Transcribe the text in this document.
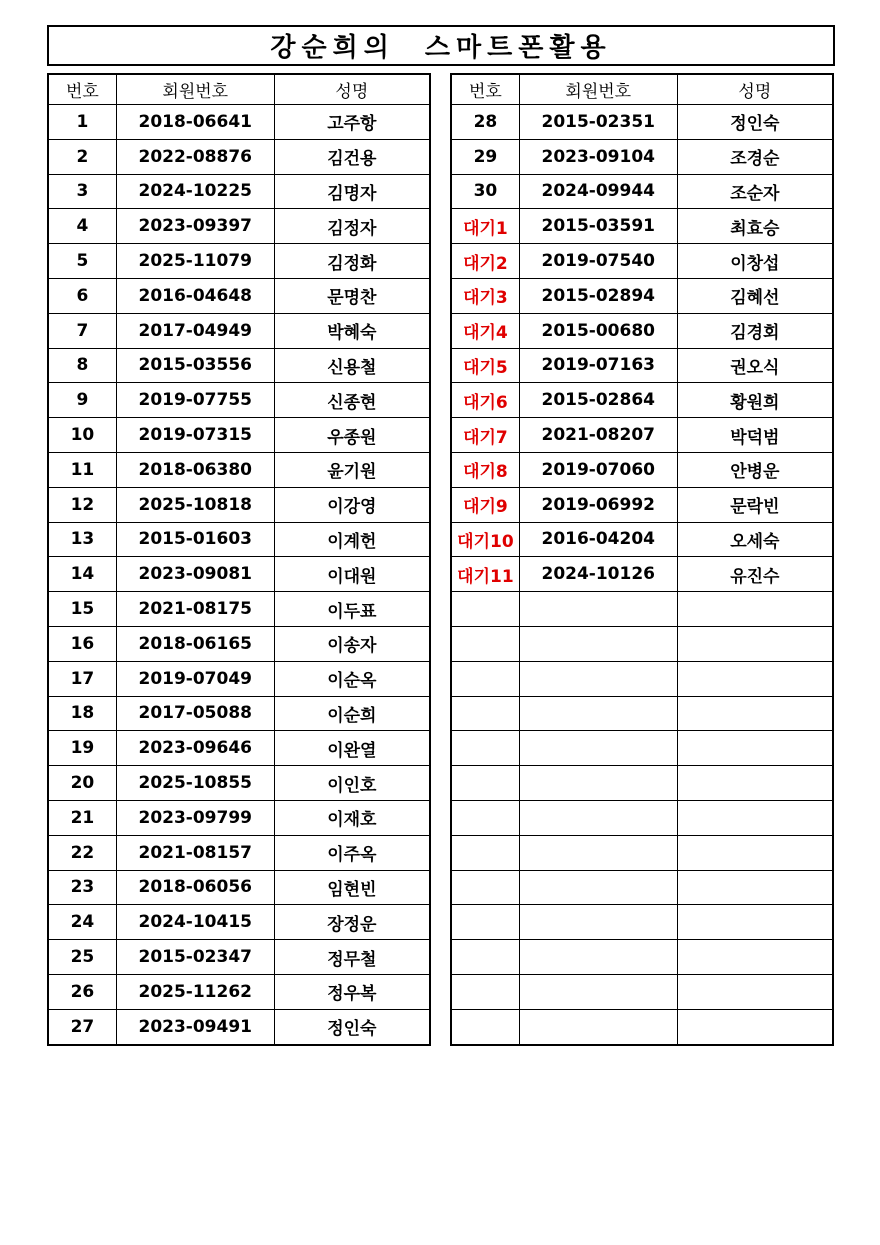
강순희의  스마트폰활용
번호	회원번호	성명
1	2018-06641	고주항
2	2022-08876	김건용
3	2024-10225	김명자
4	2023-09397	김정자
5	2025-11079	김정화
6	2016-04648	문명찬
7	2017-04949	박혜숙
8	2015-03556	신용철
9	2019-07755	신종현
10	2019-07315	우종원
11	2018-06380	윤기원
12	2025-10818	이강영
13	2015-01603	이계헌
14	2023-09081	이대원
15	2021-08175	이두표
16	2018-06165	이송자
17	2019-07049	이순옥
18	2017-05088	이순희
19	2023-09646	이완열
20	2025-10855	이인호
21	2023-09799	이재호
22	2021-08157	이주옥
23	2018-06056	임현빈
24	2024-10415	장정운
25	2015-02347	정무철
26	2025-11262	정우복
27	2023-09491	정인숙
번호	회원번호	성명
28	2015-02351	정인숙
29	2023-09104	조경순
30	2024-09944	조순자
대기1	2015-03591	최효승
대기2	2019-07540	이창섭
대기3	2015-02894	김혜선
대기4	2015-00680	김경회
대기5	2019-07163	권오식
대기6	2015-02864	황원희
대기7	2021-08207	박덕범
대기8	2019-07060	안병운
대기9	2019-06992	문락빈
대기10	2016-04204	오세숙
대기11	2024-10126	유진수
